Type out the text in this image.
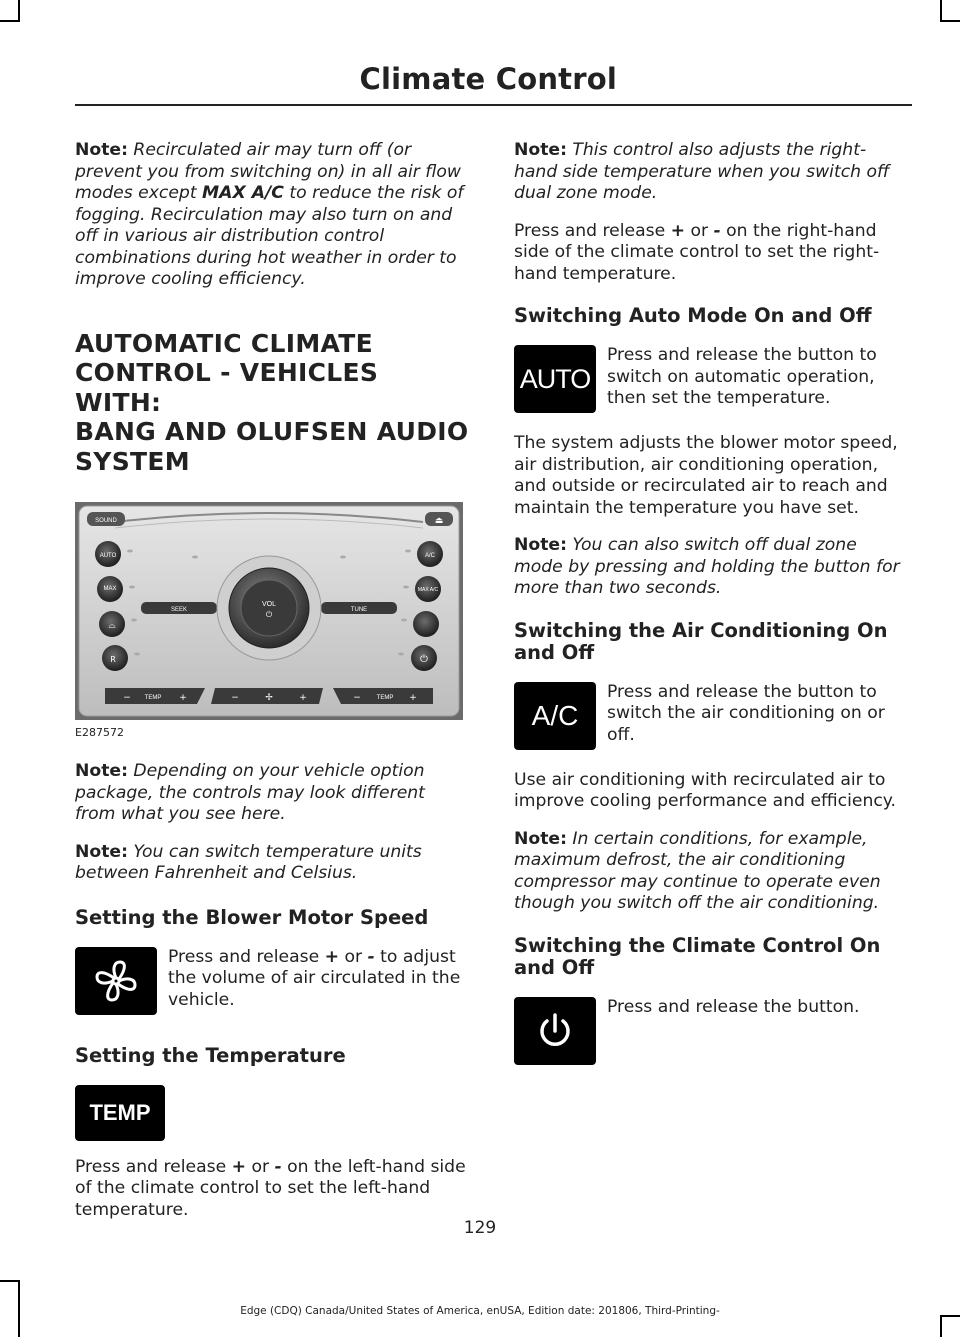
Climate Control

Note: Recirculated air may turn off (or prevent you from switching on) in all air flow modes except MAX A/C to reduce the risk of fogging. Recirculation may also turn on and off in various air distribution control combinations during hot weather in order to improve cooling efficiency.

AUTOMATIC CLIMATE
CONTROL - VEHICLES WITH:
BANG AND OLUFSEN AUDIO
SYSTEM
SOUND	⏏
AUTO
MAX
⌓
R
A/C
MAX A/C
⏻
SEEK	TUNE
VOL
⏻
TEMP
−	+	✢
−	+	TEMP
−	+
E287572

Note: Depending on your vehicle option package, the controls may look different from what you see here.

Note: You can switch temperature units between Fahrenheit and Celsius.

Setting the Blower Motor Speed
Press and release + or - to adjust the volume of air circulated in the vehicle.
Setting the Temperature
TEMP

Press and release + or - on the left-hand side of the climate control to set the left-hand temperature.

Note: This control also adjusts the right-hand side temperature when you switch off dual zone mode.

Press and release + or - on the right-hand side of the climate control to set the right-hand temperature.

Switching Auto Mode On and Off
AUTO
Press and release the button to switch on automatic operation, then set the temperature.

The system adjusts the blower motor speed, air distribution, air conditioning operation, and outside or recirculated air to reach and maintain the temperature you have set.

Note: You can also switch off dual zone mode by pressing and holding the button for more than two seconds.

Switching the Air Conditioning On and Off
A/C
Press and release the button to switch the air conditioning on or off.

Use air conditioning with recirculated air to improve cooling performance and efficiency.

Note: In certain conditions, for example, maximum defrost, the air conditioning compressor may continue to operate even though you switch off the air conditioning.

Switching the Climate Control On and Off
Press and release the button.
129
Edge (CDQ) Canada/United States of America, enUSA, Edition date: 201806, Third-Printing-
